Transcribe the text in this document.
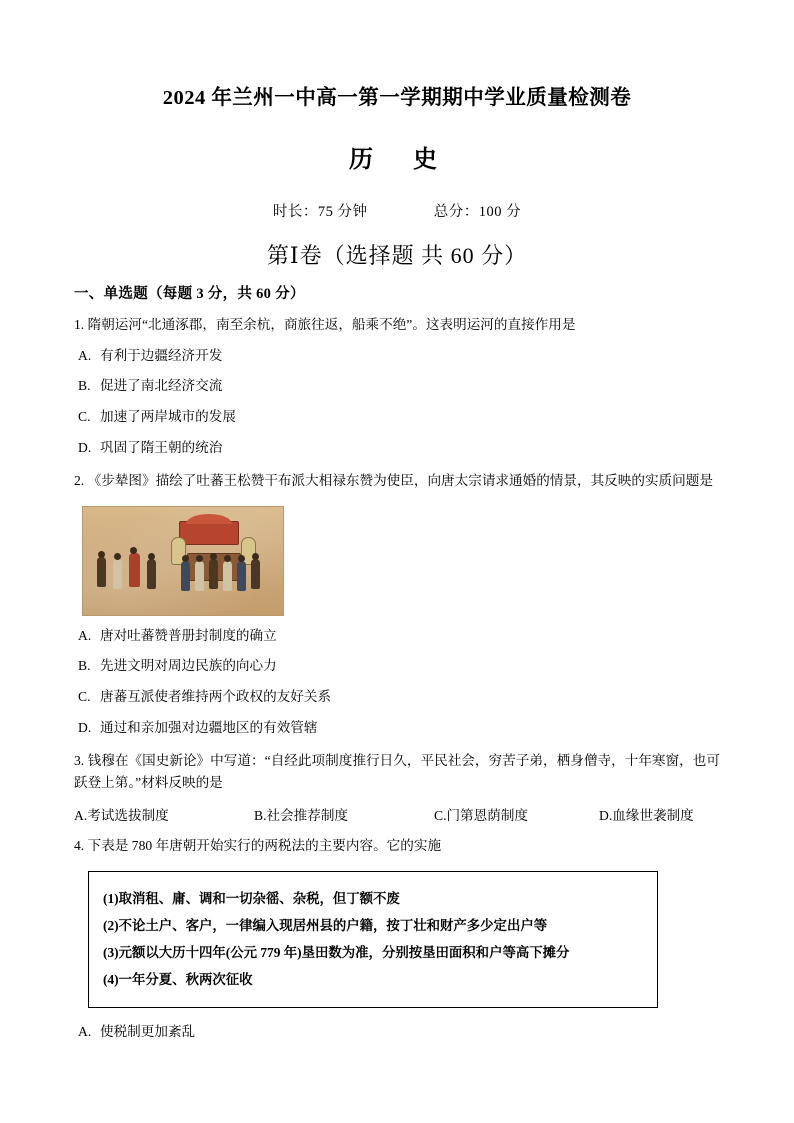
2024 年兰州一中高一第一学期期中学业质量检测卷
历　史
时长：75 分钟	总分：100 分
第Ⅰ卷（选择题 共 60 分）
一、单选题（每题 3 分，共 60 分）
1. 隋朝运河“北通涿郡，南至余杭，商旅往返，船乘不绝”。这表明运河的直接作用是
A. 有利于边疆经济开发
B. 促进了南北经济交流
C. 加速了两岸城市的发展
D. 巩固了隋王朝的统治
2. 《步辇图》描绘了吐蕃王松赞干布派大相禄东赞为使臣，向唐太宗请求通婚的情景，其反映的实质问题是
A. 唐对吐蕃赞普册封制度的确立
B. 先进文明对周边民族的向心力
C. 唐蕃互派使者维持两个政权的友好关系
D. 通过和亲加强对边疆地区的有效管辖
3. 钱穆在《国史新论》中写道：“自经此项制度推行日久，平民社会，穷苦子弟，栖身僧寺，十年寒窗，也可跃登上第。”材料反映的是
A.考试选拔制度	B.社会推荐制度	C.门第恩荫制度	D.血缘世袭制度
4. 下表是 780 年唐朝开始实行的两税法的主要内容。它的实施
(1)取消租、庸、调和一切杂徭、杂税，但丁额不废
(2)不论土户、客户，一律编入现居州县的户籍，按丁壮和财产多少定出户等
(3)元额以大历十四年(公元 779 年)垦田数为准，分别按垦田面积和户等高下摊分
(4)一年分夏、秋两次征收
A. 使税制更加紊乱
